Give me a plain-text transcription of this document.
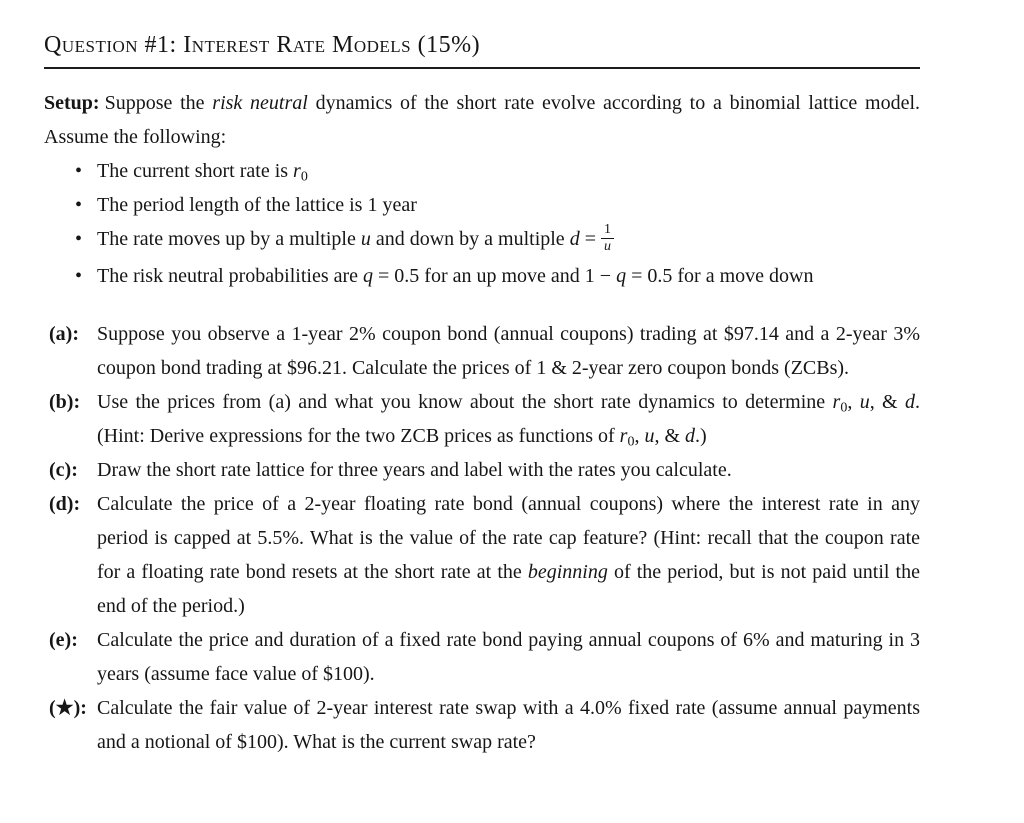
Question #1: Interest Rate Models (15%)

Setup: Suppose the risk neutral dynamics of the short rate evolve according to a binomial lattice model. Assume the following:

• The current short rate is $r_0$
• The period length of the lattice is 1 year
• The rate moves up by a multiple u and down by a multiple $d = \frac{1}{u}$
• The risk neutral probabilities are q = 0.5 for an up move and 1 − q = 0.5 for a move down
(a): Suppose you observe a 1-year 2% coupon bond (annual coupons) trading at $97.14 and a 2-year 3% coupon bond trading at $96.21. Calculate the prices of 1 & 2-year zero coupon bonds (ZCBs).
(b): Use the prices from (a) and what you know about the short rate dynamics to determine $r_0$, u, & d. (Hint: Derive expressions for the two ZCB prices as functions of $r_0$, u, & d.)
(c): Draw the short rate lattice for three years and label with the rates you calculate.
(d): Calculate the price of a 2-year floating rate bond (annual coupons) where the interest rate in any period is capped at 5.5%. What is the value of the rate cap feature? (Hint: recall that the coupon rate for a floating rate bond resets at the short rate at the beginning of the period, but is not paid until the end of the period.)
(e): Calculate the price and duration of a fixed rate bond paying annual coupons of 6% and maturing in 3 years (assume face value of $100).
(★): Calculate the fair value of 2-year interest rate swap with a 4.0% fixed rate (assume annual payments and a notional of $100). What is the current swap rate?
